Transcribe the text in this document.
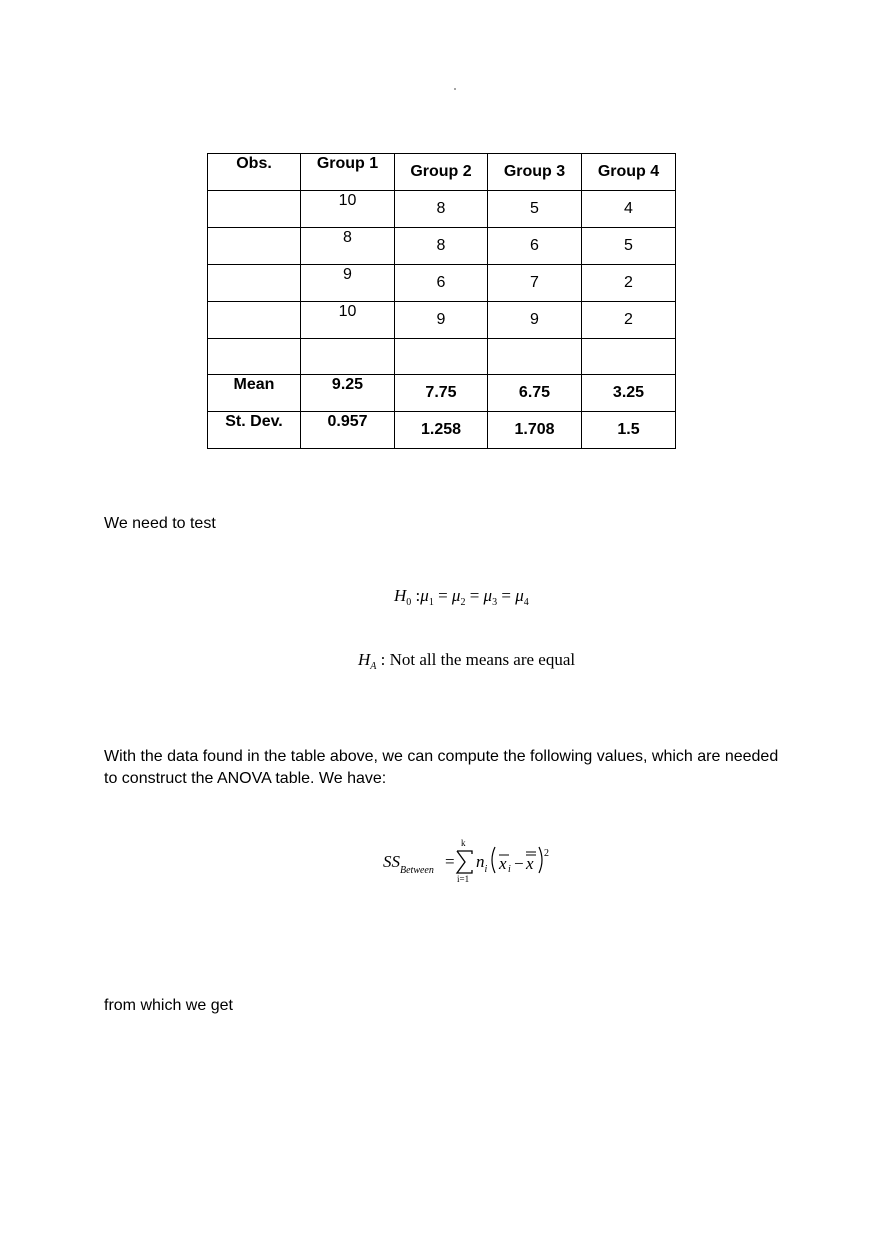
Obs.	Group 1	Group 2	Group 3	Group 4
	10	8	5	4
	8	8	6	5
	9	6	7	2
	10	9	9	2

Mean	9.25	7.75	6.75	3.25
St. Dev.	0.957	1.258	1.708	1.5
We need to test
$H_0$ $:\mu_1 = \mu_2 = \mu_3 = \mu_4$
$H_A$ : Not all the means are equal
With the data found in the table above, we can compute the following values, which are needed
to construct the ANOVA table. We have:
$SS_{Between}$ =
k
i=1
$n_i$ x i − x
2
from which we get
